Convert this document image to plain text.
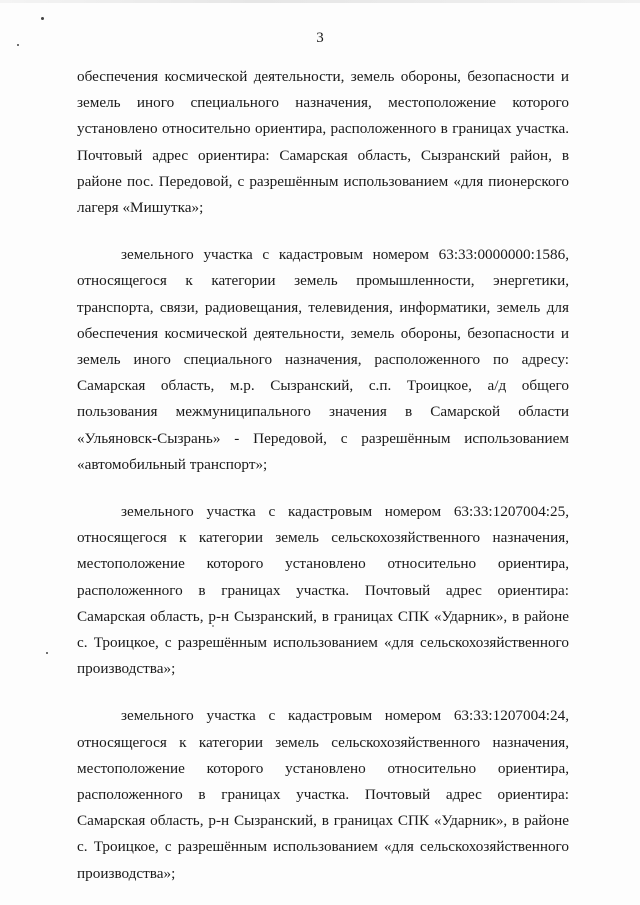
3

обеспечения космической деятельности, земель обороны, безопасности и
земель иного специального назначения, местоположение которого
установлено относительно ориентира, расположенного в границах участка.
Почтовый адрес ориентира: Самарская область, Сызранский район, в
районе пос. Передовой, с разрешённым использованием «для пионерского
лагеря «Мишутка»;

земельного участка с кадастровым номером 63:33:0000000:1586,
относящегося к категории земель промышленности, энергетики,
транспорта, связи, радиовещания, телевидения, информатики, земель для
обеспечения космической деятельности, земель обороны, безопасности и
земель иного специального назначения, расположенного по адресу:
Самарская область, м.р. Сызранский, с.п. Троицкое, а/д общего
пользования межмуниципального значения в Самарской области
«Ульяновск-Сызрань» - Передовой, с разрешённым использованием
«автомобильный транспорт»;

земельного участка с кадастровым номером 63:33:1207004:25,
относящегося к категории земель сельскохозяйственного назначения,
местоположение которого установлено относительно ориентира,
расположенного в границах участка. Почтовый адрес ориентира:
Самарская область, р-н Сызранский, в границах СПК «Ударник», в районе
с. Троицкое, с разрешённым использованием «для сельскохозяйственного
производства»;

земельного участка с кадастровым номером 63:33:1207004:24,
относящегося к категории земель сельскохозяйственного назначения,
местоположение которого установлено относительно ориентира,
расположенного в границах участка. Почтовый адрес ориентира:
Самарская область, р-н Сызранский, в границах СПК «Ударник», в районе
с. Троицкое, с разрешённым использованием «для сельскохозяйственного
производства»;
